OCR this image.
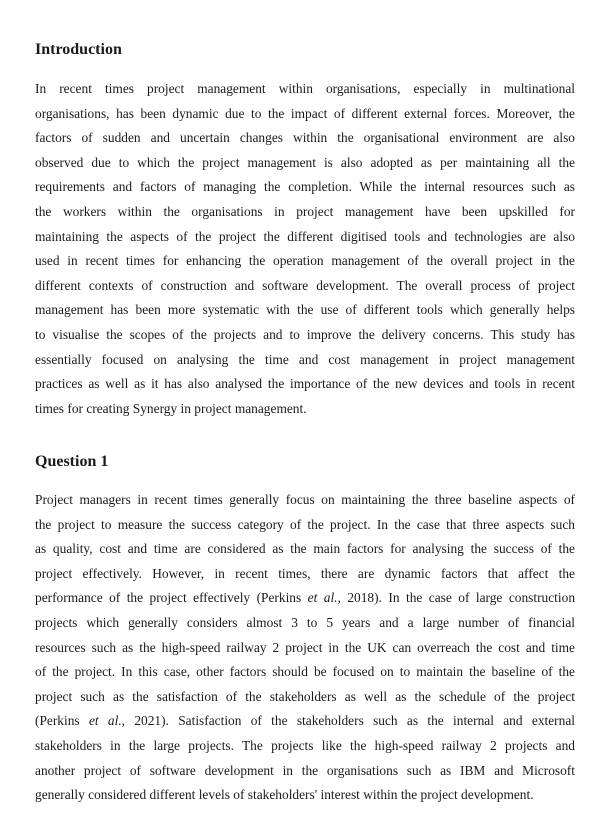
Introduction
In recent times project management within organisations, especially in multinational
organisations, has been dynamic due to the impact of different external forces. Moreover, the
factors of sudden and uncertain changes within the organisational environment are also
observed due to which the project management is also adopted as per maintaining all the
requirements and factors of managing the completion. While the internal resources such as
the workers within the organisations in project management have been upskilled for
maintaining the aspects of the project the different digitised tools and technologies are also
used in recent times for enhancing the operation management of the overall project in the
different contexts of construction and software development. The overall process of project
management has been more systematic with the use of different tools which generally helps
to visualise the scopes of the projects and to improve the delivery concerns. This study has
essentially focused on analysing the time and cost management in project management
practices as well as it has also analysed the importance of the new devices and tools in recent
times for creating Synergy in project management.
Question 1
Project managers in recent times generally focus on maintaining the three baseline aspects of
the project to measure the success category of the project. In the case that three aspects such
as quality, cost and time are considered as the main factors for analysing the success of the
project effectively. However, in recent times, there are dynamic factors that affect the
performance of the project effectively (Perkins et al., 2018). In the case of large construction
projects which generally considers almost 3 to 5 years and a large number of financial
resources such as the high-speed railway 2 project in the UK can overreach the cost and time
of the project. In this case, other factors should be focused on to maintain the baseline of the
project such as the satisfaction of the stakeholders as well as the schedule of the project
(Perkins et al., 2021). Satisfaction of the stakeholders such as the internal and external
stakeholders in the large projects. The projects like the high-speed railway 2 projects and
another project of software development in the organisations such as IBM and Microsoft
generally considered different levels of stakeholders' interest within the project development.
